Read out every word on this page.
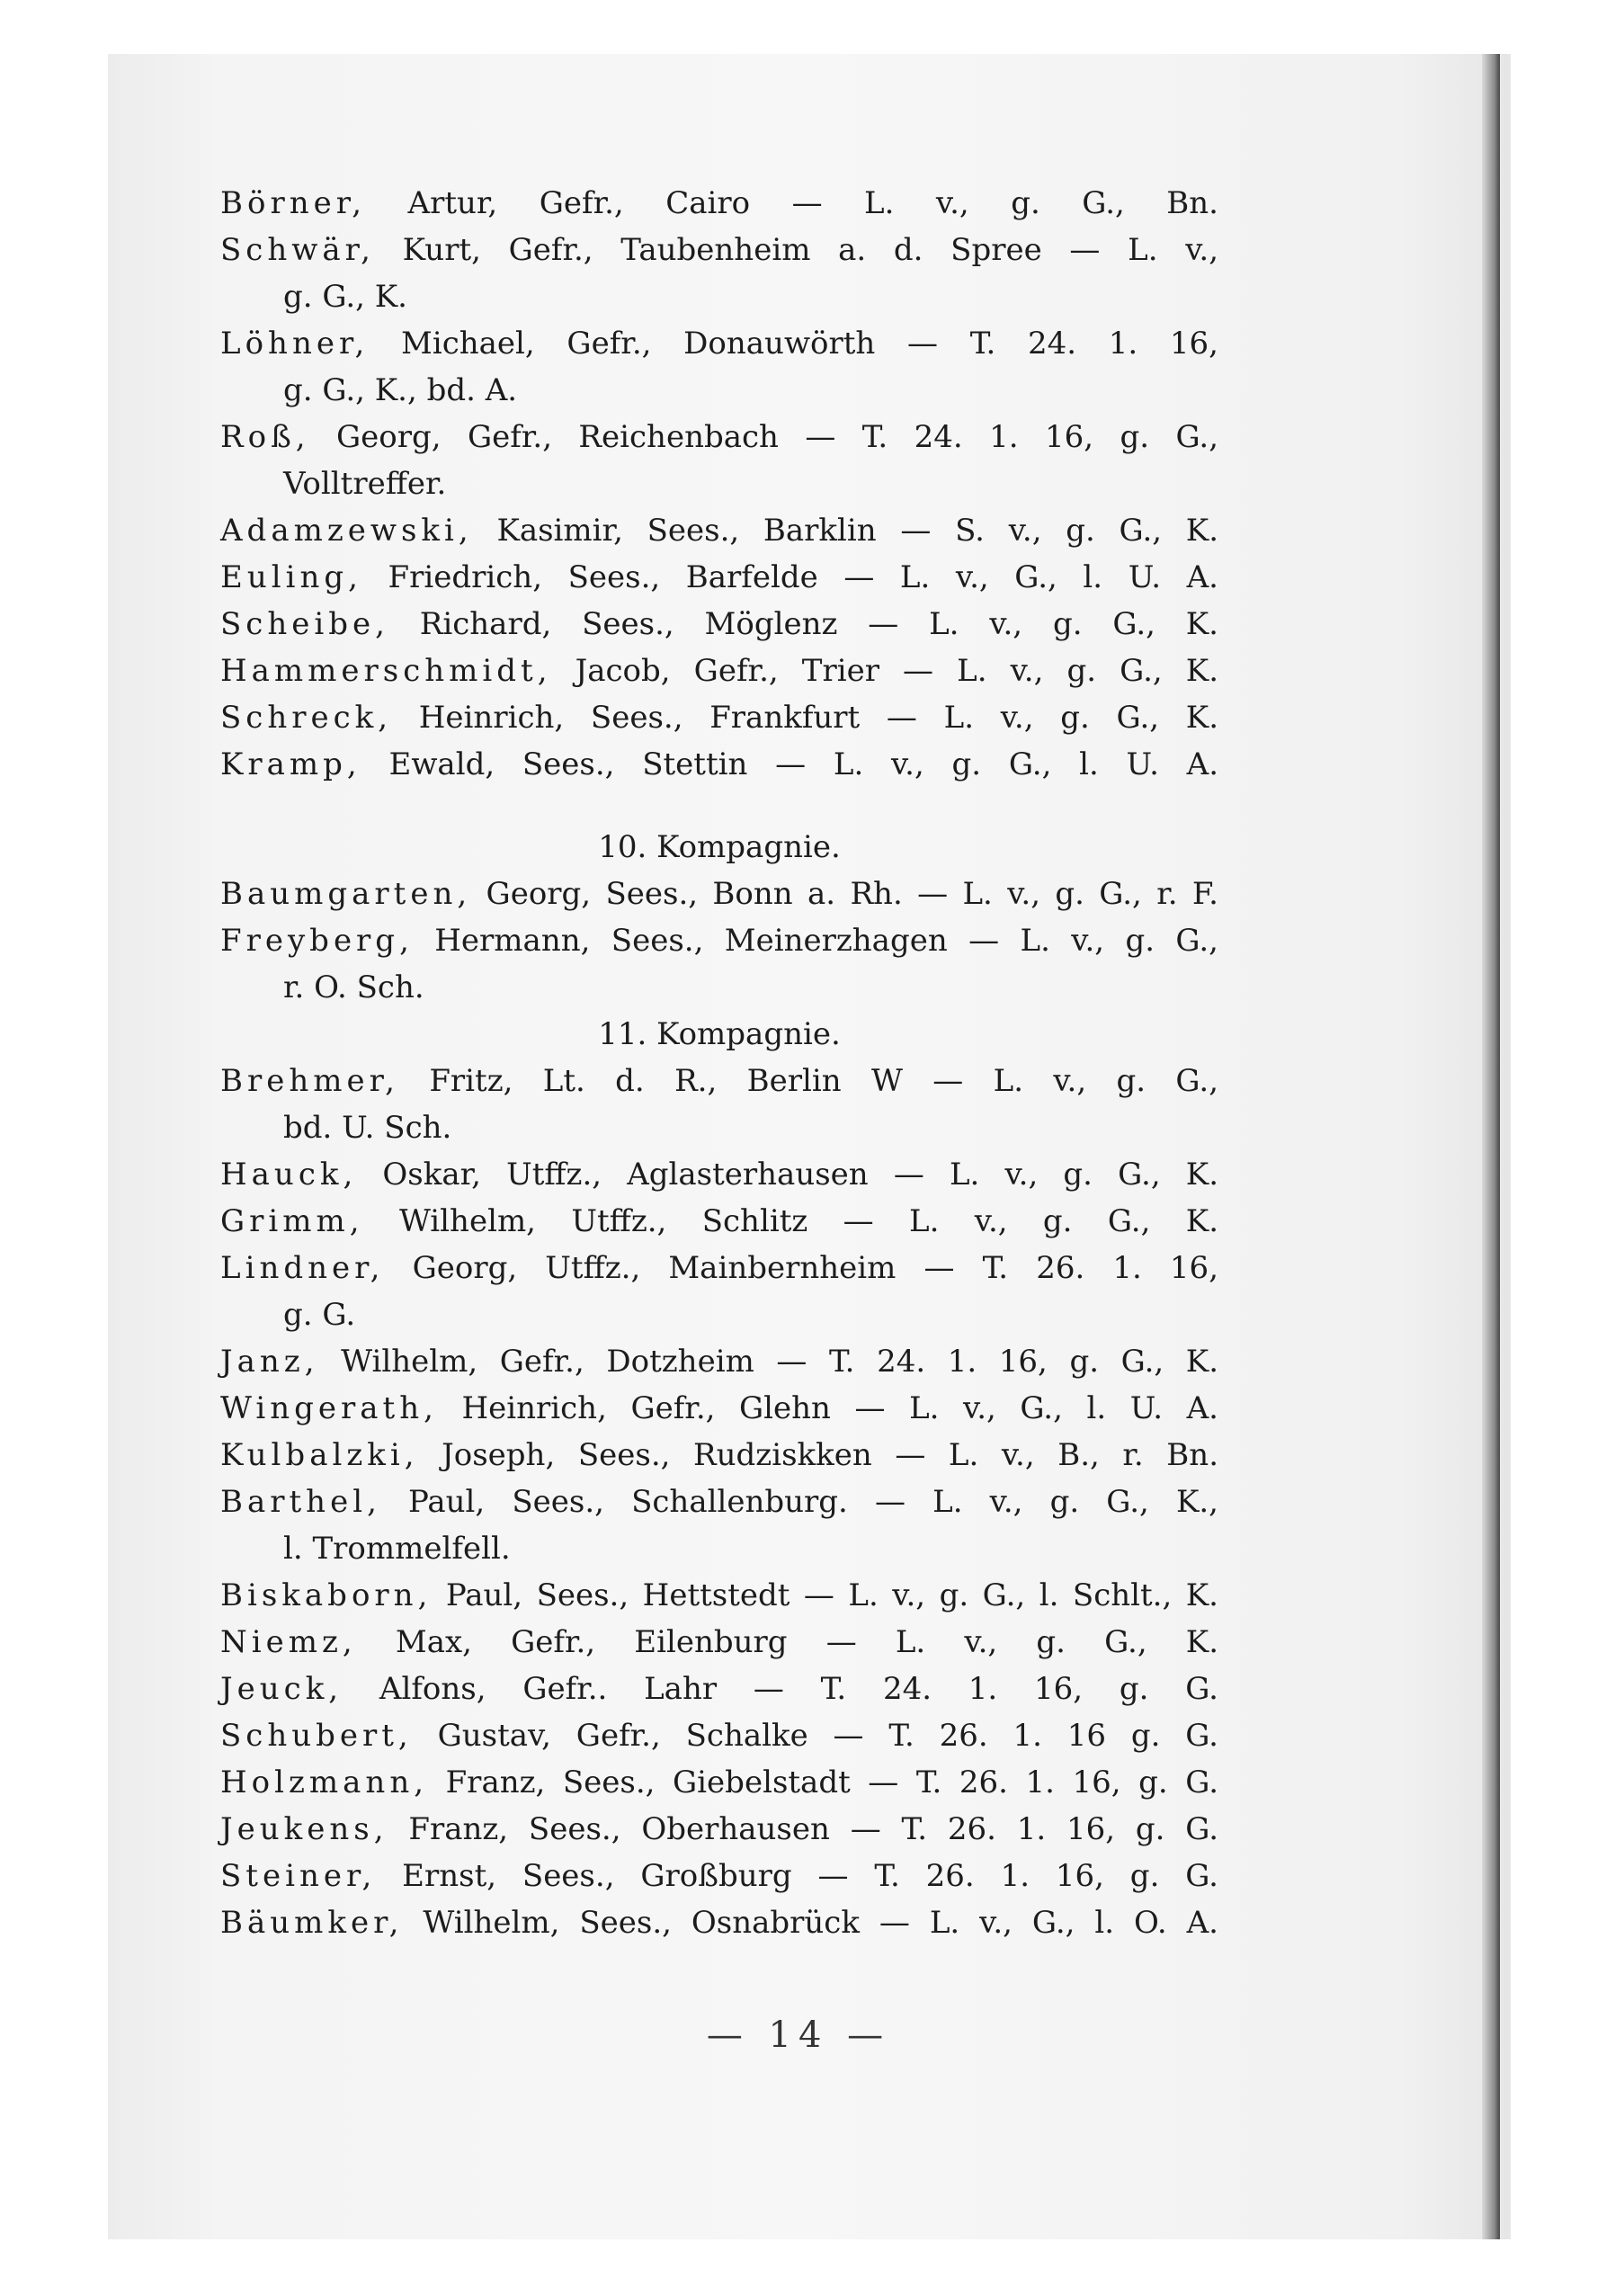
Börner, Artur, Gefr., Cairo — L. v., g. G., Bn.
Schwär, Kurt, Gefr., Taubenheim a. d. Spree — L. v.,
g. G., K.
Löhner, Michael, Gefr., Donauwörth — T. 24. 1. 16,
g. G., K., bd. A.
Roß, Georg, Gefr., Reichenbach — T. 24. 1. 16, g. G.,
Volltreffer.
Adamzewski, Kasimir, Sees., Barklin — S. v., g. G., K.
Euling, Friedrich, Sees., Barfelde — L. v., G., l. U. A.
Scheibe, Richard, Sees., Möglenz — L. v., g. G., K.
Hammerschmidt, Jacob, Gefr., Trier — L. v., g. G., K.
Schreck, Heinrich, Sees., Frankfurt — L. v., g. G., K.
Kramp, Ewald, Sees., Stettin — L. v., g. G., l. U. A.
10. Kompagnie.
Baumgarten, Georg, Sees., Bonn a. Rh. — L. v., g. G., r. F.
Freyberg, Hermann, Sees., Meinerzhagen — L. v., g. G.,
r. O. Sch.
11. Kompagnie.
Brehmer, Fritz, Lt. d. R., Berlin W — L. v., g. G.,
bd. U. Sch.
Hauck, Oskar, Utffz., Aglasterhausen — L. v., g. G., K.
Grimm, Wilhelm, Utffz., Schlitz — L. v., g. G., K.
Lindner, Georg, Utffz., Mainbernheim — T. 26. 1. 16,
g. G.
Janz, Wilhelm, Gefr., Dotzheim — T. 24. 1. 16, g. G., K.
Wingerath, Heinrich, Gefr., Glehn — L. v., G., l. U. A.
Kulbalzki, Joseph, Sees., Rudziskken — L. v., B., r. Bn.
Barthel, Paul, Sees., Schallenburg. — L. v., g. G., K.,
l. Trommelfell.
Biskaborn, Paul, Sees., Hettstedt — L. v., g. G., l. Schlt., K.
Niemz, Max, Gefr., Eilenburg — L. v., g. G., K.
Jeuck, Alfons, Gefr.. Lahr — T. 24. 1. 16, g. G.
Schubert, Gustav, Gefr., Schalke — T. 26. 1. 16 g. G.
Holzmann, Franz, Sees., Giebelstadt — T. 26. 1. 16, g. G.
Jeukens, Franz, Sees., Oberhausen — T. 26. 1. 16, g. G.
Steiner, Ernst, Sees., Großburg — T. 26. 1. 16, g. G.
Bäumker, Wilhelm, Sees., Osnabrück — L. v., G., l. O. A.
— 14 —
